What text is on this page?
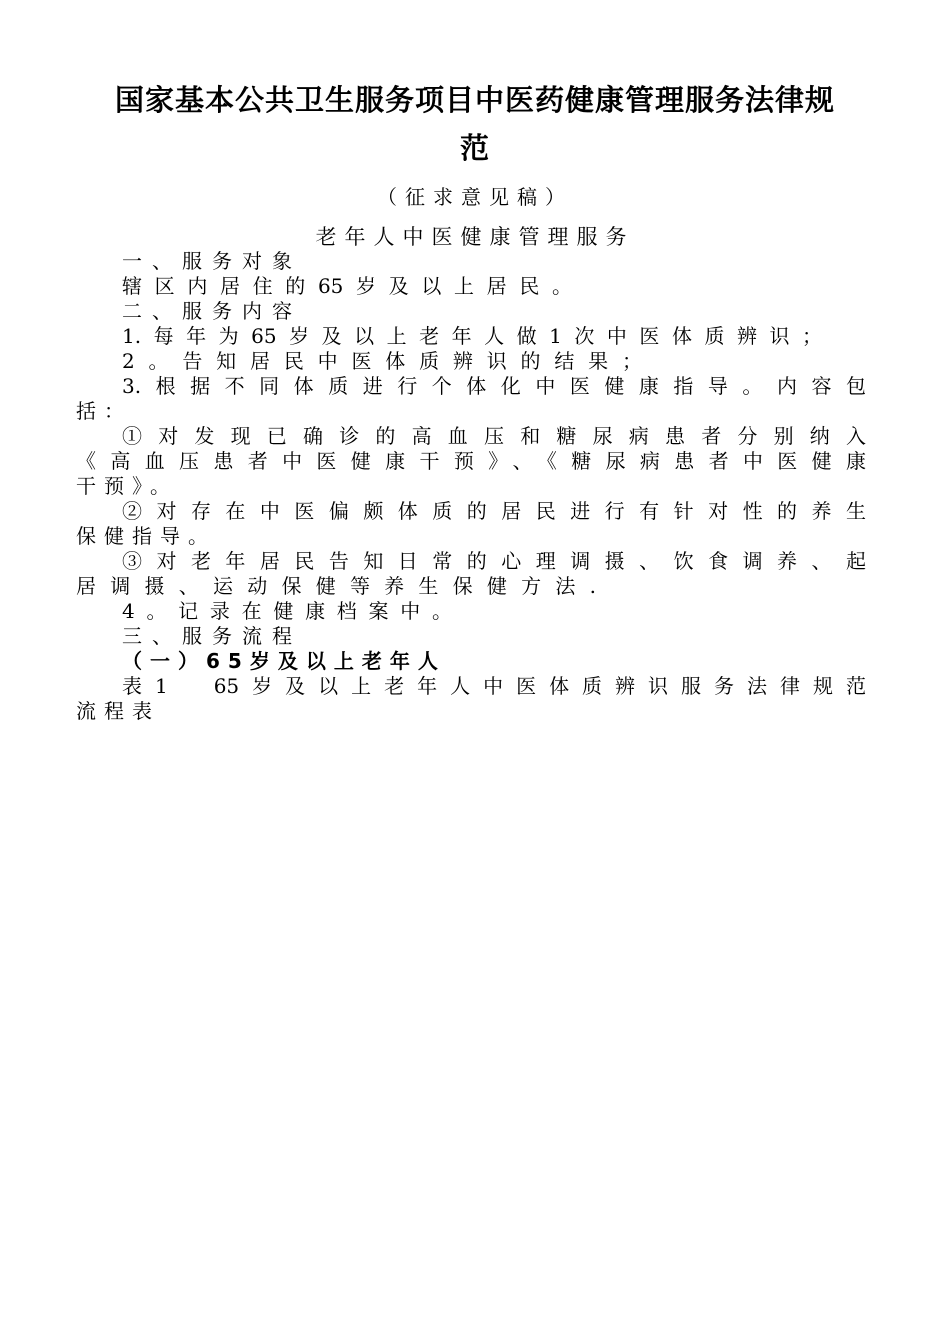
国家基本公共卫生服务项目中医药健康管理服务法律规
范
（征求意见稿）
老年人中医健康管理服务
一、服务对象
辖区内居住的65岁及以上居民。
二、服务内容
1.每年为65岁及以上老年人做1次中医体质辨识；
2。告知居民中医体质辨识的结果；
3.根据不同体质进行个体化中医健康指导。内容包
括：
①对发现已确诊的高血压和糖尿病患者分别纳入
《高血压患者中医健康干预》、《糖尿病患者中医健康
干预》。
②对存在中医偏颇体质的居民进行有针对性的养生
保健指导。
③对老年居民告知日常的心理调摄、饮食调养、起
居调摄、运动保健等养生保健方法.
4。记录在健康档案中。
三、服务流程
（一）65岁及以上老年人
表1　65岁及以上老年人中医体质辨识服务法律规范
流程表
